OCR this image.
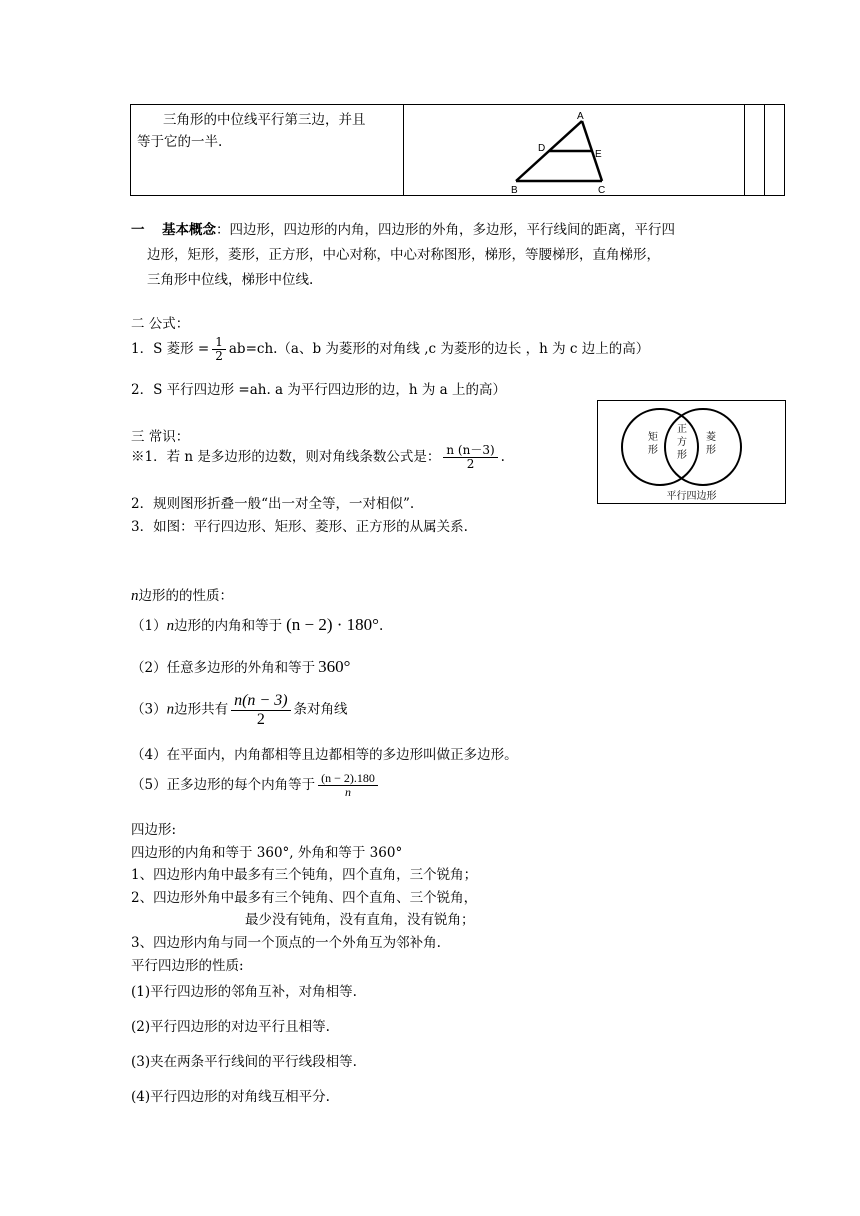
三角形的中位线平行第三边，并且
等于它的一半.

A
D
E
B	C

一 基本概念：四边形，四边形的内角，四边形的外角，多边形，平行线间的距离，平行四
边形，矩形，菱形，正方形，中心对称，中心对称图形，梯形，等腰梯形，直角梯形，
三角形中位线，梯形中位线.
二 公式：
1．S 菱形 = $\frac{1}{2} ab=ch.(a$、b 为菱形的对角线 ,c 为菱形的边长 ，h 为 c 边上的高）
2．S 平行四边形 =ah. a 为平行四边形的边，h 为 a 上的高）
三 常识：
※1．若 n 是多边形的边数，则对角线条数公式是： $\frac{n (n-3)}{2}$ .
2．规则图形折叠一般“出一对全等，一对相似”.
3．如图：平行四边形、矩形、菱形、正方形的从属关系.
矩
形
正
方
形
菱
形
平行四边形
n边形的的性质：
（1）n边形的内角和等于 (n − 2) · 180°.
（2）任意多边形的外角和等于 360°
（3）n边形共有 $\frac{n(n - 3)}{2}$ 条对角线
（4）在平面内，内角都相等且边都相等的多边形叫做正多边形。
（5）正多边形的每个内角等于 $\frac{(n - 2).180}{n}$
四边形:
四边形的内角和等于 360°, 外角和等于 360°
1、四边形内角中最多有三个钝角，四个直角，三个锐角；
2、四边形外角中最多有三个钝角、四个直角、三个锐角，
最少没有钝角，没有直角，没有锐角；
3、四边形内角与同一个顶点的一个外角互为邻补角.
平行四边形的性质:
(1)平行四边形的邻角互补，对角相等.
(2)平行四边形的对边平行且相等.
(3)夹在两条平行线间的平行线段相等.
(4)平行四边形的对角线互相平分.
